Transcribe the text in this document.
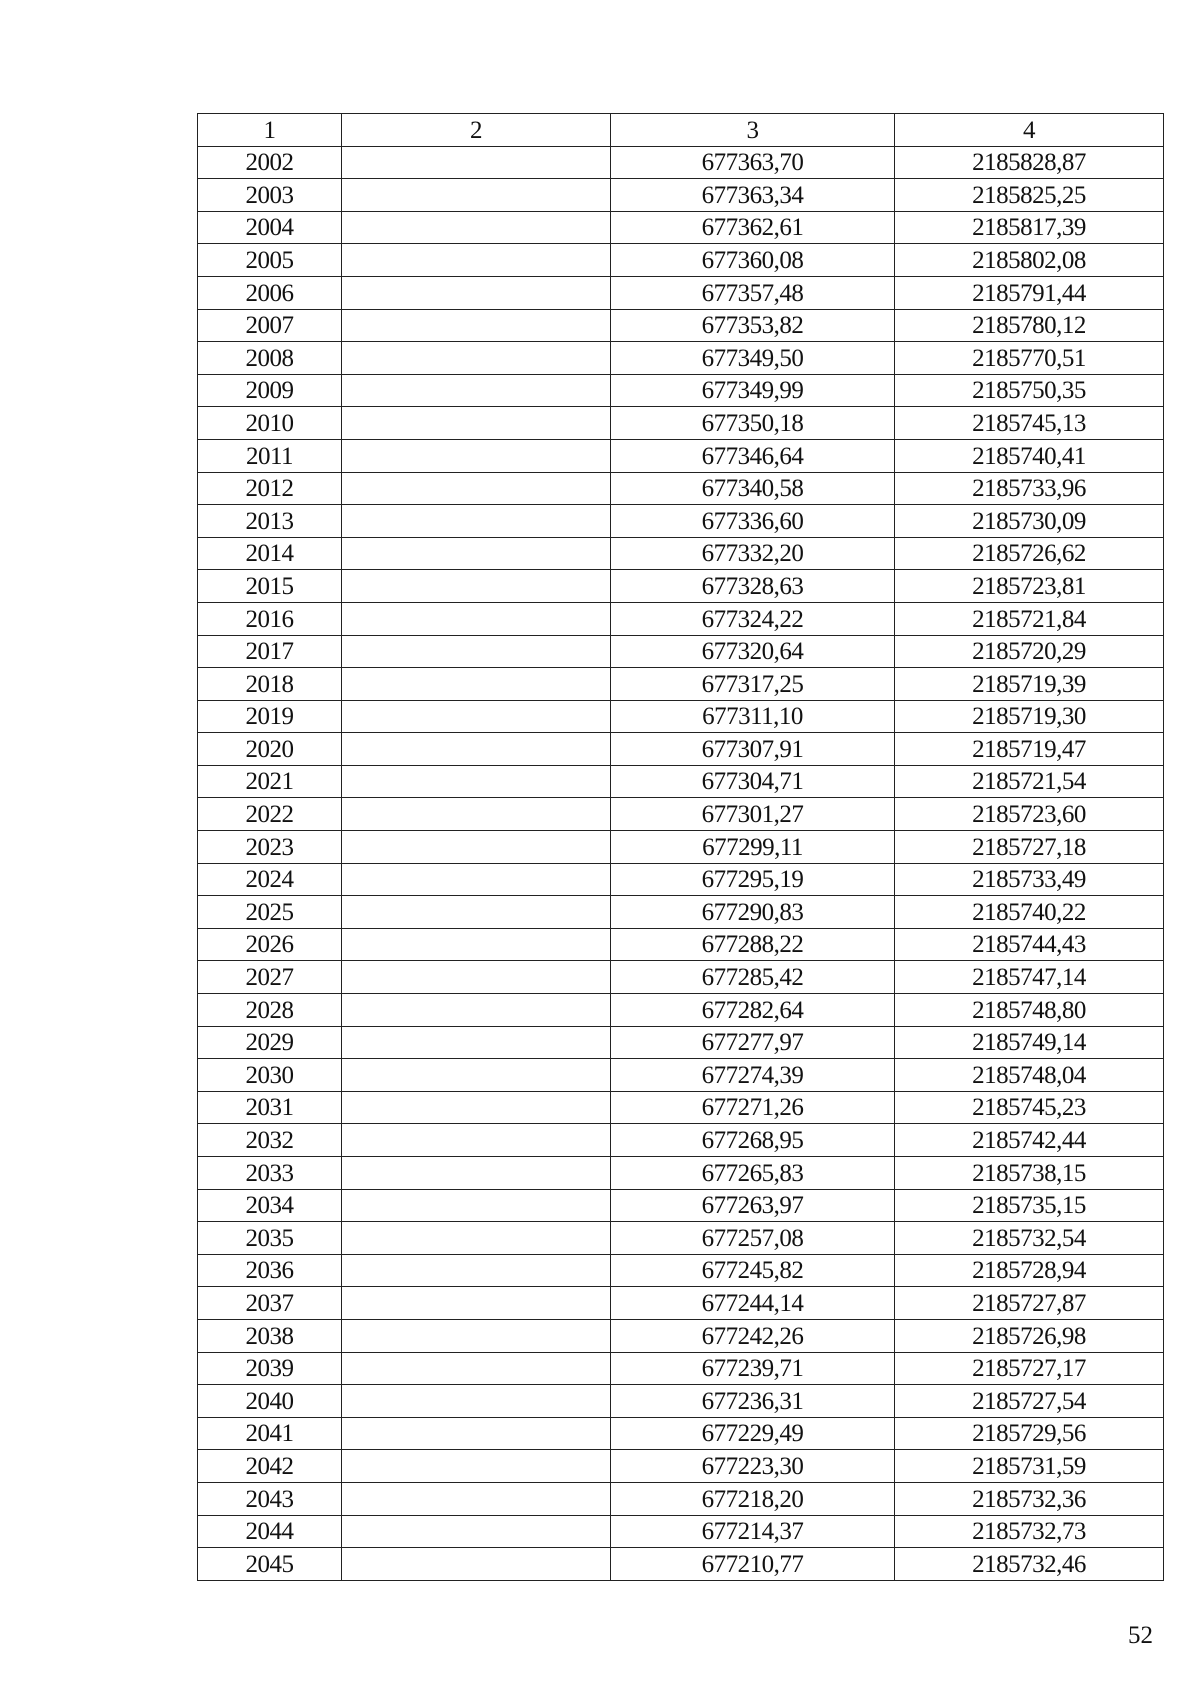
1	2	3	4
2002		677363,70	2185828,87
2003		677363,34	2185825,25
2004		677362,61	2185817,39
2005		677360,08	2185802,08
2006		677357,48	2185791,44
2007		677353,82	2185780,12
2008		677349,50	2185770,51
2009		677349,99	2185750,35
2010		677350,18	2185745,13
2011		677346,64	2185740,41
2012		677340,58	2185733,96
2013		677336,60	2185730,09
2014		677332,20	2185726,62
2015		677328,63	2185723,81
2016		677324,22	2185721,84
2017		677320,64	2185720,29
2018		677317,25	2185719,39
2019		677311,10	2185719,30
2020		677307,91	2185719,47
2021		677304,71	2185721,54
2022		677301,27	2185723,60
2023		677299,11	2185727,18
2024		677295,19	2185733,49
2025		677290,83	2185740,22
2026		677288,22	2185744,43
2027		677285,42	2185747,14
2028		677282,64	2185748,80
2029		677277,97	2185749,14
2030		677274,39	2185748,04
2031		677271,26	2185745,23
2032		677268,95	2185742,44
2033		677265,83	2185738,15
2034		677263,97	2185735,15
2035		677257,08	2185732,54
2036		677245,82	2185728,94
2037		677244,14	2185727,87
2038		677242,26	2185726,98
2039		677239,71	2185727,17
2040		677236,31	2185727,54
2041		677229,49	2185729,56
2042		677223,30	2185731,59
2043		677218,20	2185732,36
2044		677214,37	2185732,73
2045		677210,77	2185732,46
52
